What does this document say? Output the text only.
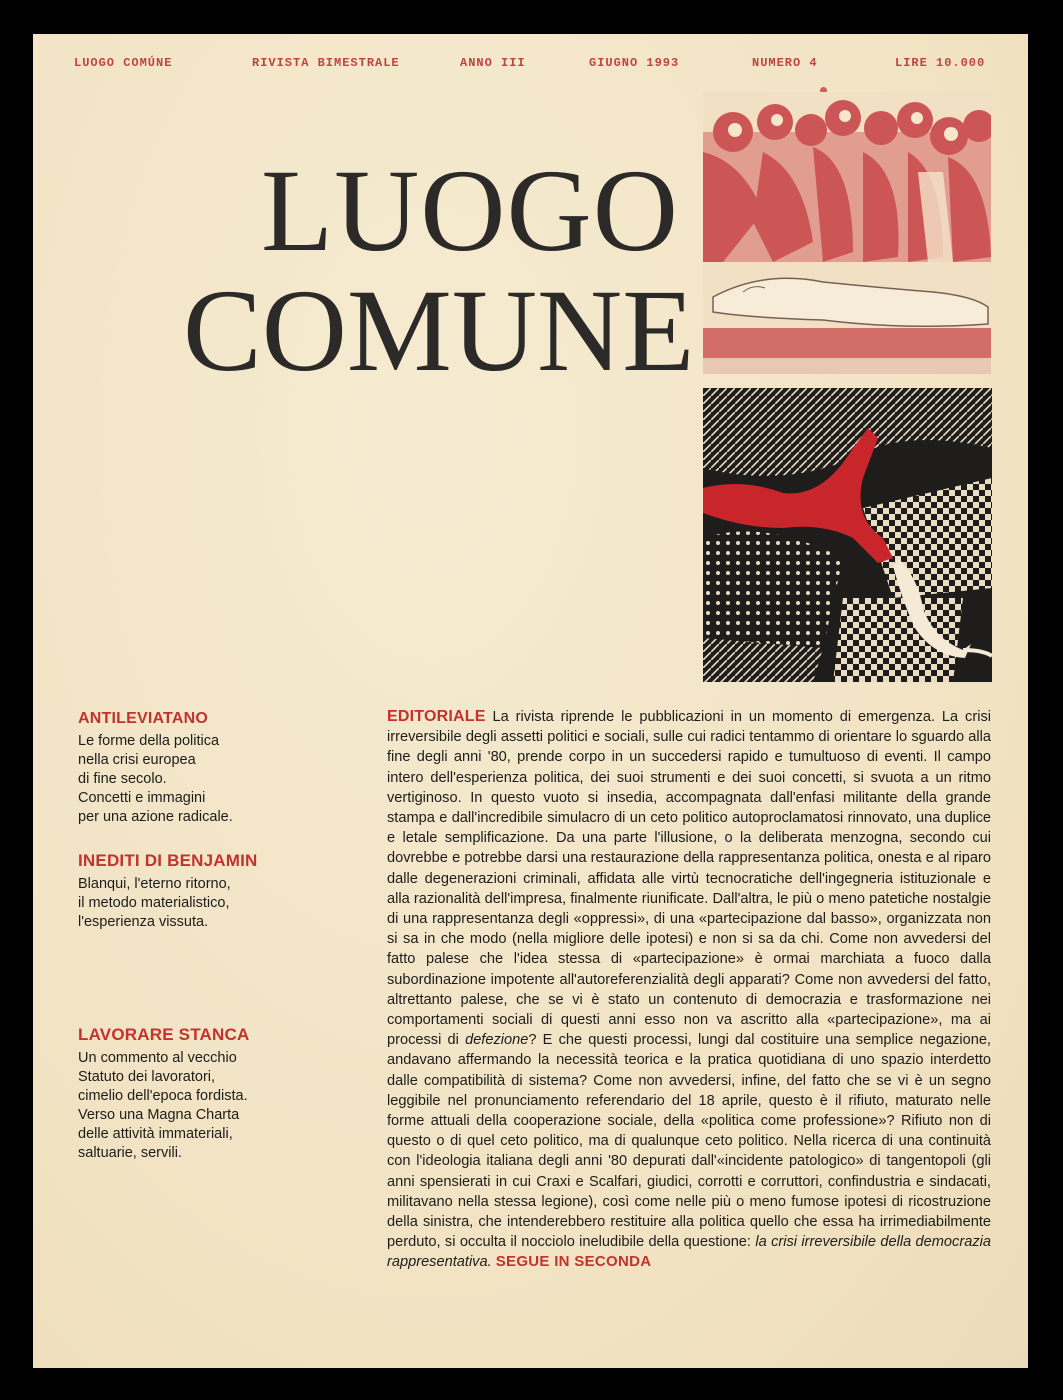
LUOGO COMÚNE	RIVISTA BIMESTRALE	ANNO III	GIUGNO 1993	NUMERO 4	LIRE 10.000
LUOGO
COMUNE
ANTILEVIATANO

Le forme della politica
nella crisi europea
di fine secolo.
Concetti e immagini
per una azione radicale.

INEDITI DI BENJAMIN

Blanqui, l'eterno ritorno,
il metodo materialistico,
l'esperienza vissuta.

LAVORARE STANCA

Un commento al vecchio
Statuto dei lavoratori,
cimelio dell'epoca fordista.
Verso una Magna Charta
delle attività immateriali,
saltuarie, servili.

EDITORIALE La rivista riprende le pubblicazioni in un momento di emergenza. La crisi irreversibile degli assetti politici e sociali, sulle cui radici tentammo di orientare lo sguardo alla fine degli anni '80, prende corpo in un succedersi rapido e tumultuoso di eventi. Il campo intero dell'esperienza politica, dei suoi strumenti e dei suoi concetti, si svuota a un ritmo vertiginoso. In questo vuoto si insedia, accompagnata dall'enfasi militante della grande stampa e dall'incredibile simulacro di un ceto politico autoproclamatosi rinnovato, una duplice e letale semplificazione. Da una parte l'illusione, o la deliberata menzogna, secondo cui dovrebbe e potrebbe darsi una restaurazione della rappresentanza politica, onesta e al riparo dalle degenerazioni criminali, affidata alle virtù tecnocratiche dell'ingegneria istituzionale e alla razionalità dell'impresa, finalmente riunificate. Dall'altra, le più o meno patetiche nostalgie di una rappresentanza degli «oppressi», di una «partecipazione dal basso», organizzata non si sa in che modo (nella migliore delle ipotesi) e non si sa da chi. Come non avvedersi del fatto palese che l'idea stessa di «partecipazione» è ormai marchiata a fuoco dalla subordinazione impotente all'autoreferenzialità degli apparati? Come non avvedersi del fatto, altrettanto palese, che se vi è stato un contenuto di democrazia e trasformazione nei comportamenti sociali di questi anni esso non va ascritto alla «partecipazione», ma ai processi di defezione? E che questi processi, lungi dal costituire una semplice negazione, andavano affermando la necessità teorica e la pratica quotidiana di uno spazio interdetto dalle compatibilità di sistema? Come non avvedersi, infine, del fatto che se vi è un segno leggibile nel pronunciamento referendario del 18 aprile, questo è il rifiuto, maturato nelle forme attuali della cooperazione sociale, della «politica come professione»? Rifiuto non di questo o di quel ceto politico, ma di qualunque ceto politico. Nella ricerca di una continuità con l'ideologia italiana degli anni '80 depurati dall'«incidente patologico» di tangentopoli (gli anni spensierati in cui Craxi e Scalfari, giudici, corrotti e corruttori, confindustria e sindacati, militavano nella stessa legione), così come nelle più o meno fumose ipotesi di ricostruzione della sinistra, che intenderebbero restituire alla politica quello che essa ha irrimediabilmente perduto, si occulta il nocciolo ineludibile della questione: la crisi irreversibile della democrazia rappresentativa. SEGUE IN SECONDA
